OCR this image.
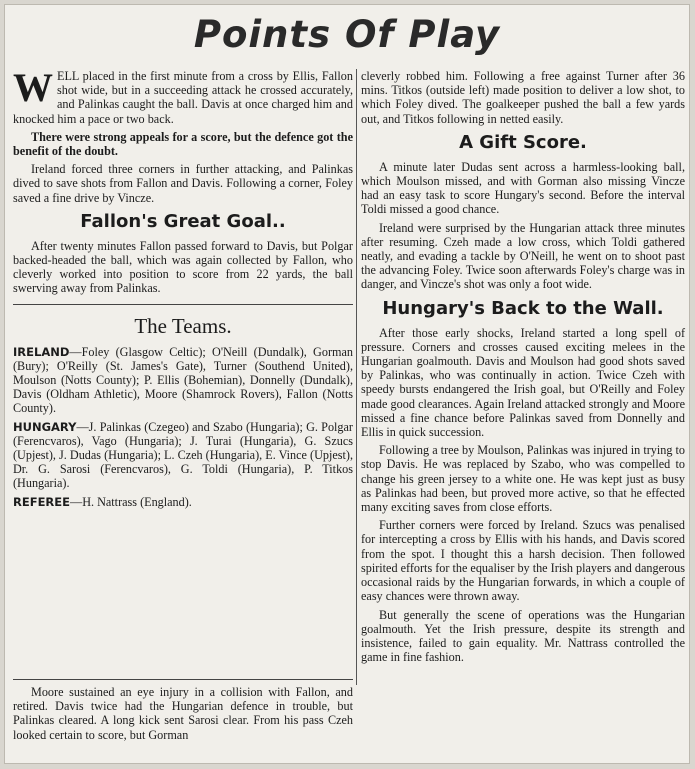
Points Of Play

WELL placed in the first minute from a cross by Ellis, Fallon shot wide, but in a succeeding attack he crossed accurately, and Palinkas caught the ball. Davis at once charged him and knocked him a pace or two back.

There were strong appeals for a score, but the defence got the benefit of the doubt.

Ireland forced three corners in further attacking, and Palinkas dived to save shots from Fallon and Davis. Following a corner, Foley saved a fine drive by Vincze.

Fallon's Great Goal..

After twenty minutes Fallon passed forward to Davis, but Polgar backed-headed the ball, which was again collected by Fallon, who cleverly worked into position to score from 22 yards, the ball swerving away from Palinkas.

The Teams.

IRELAND—Foley (Glasgow Celtic); O'Neill (Dundalk), Gorman (Bury); O'Reilly (St. James's Gate), Turner (Southend United), Moulson (Notts County); P. Ellis (Bohemian), Donnelly (Dundalk), Davis (Oldham Athletic), Moore (Shamrock Rovers), Fallon (Notts County).

HUNGARY—J. Palinkas (Czegeo) and Szabo (Hungaria); G. Polgar (Ferencvaros), Vago (Hungaria); J. Turai (Hungaria), G. Szucs (Upjest), J. Dudas (Hungaria); L. Czeh (Hungaria), E. Vince (Upjest), Dr. G. Sarosi (Ferencvaros), G. Toldi (Hungaria), P. Titkos (Hungaria).

REFEREE—H. Nattrass (England).

Moore sustained an eye injury in a collision with Fallon, and retired. Davis twice had the Hungarian defence in trouble, but Palinkas cleared. A long kick sent Sarosi clear. From his pass Czeh looked certain to score, but Gorman

cleverly robbed him. Following a free against Turner after 36 mins. Titkos (outside left) made position to deliver a low shot, to which Foley dived. The goalkeeper pushed the ball a few yards out, and Titkos following in netted easily.

A Gift Score.

A minute later Dudas sent across a harmless-looking ball, which Moulson missed, and with Gorman also missing Vincze had an easy task to score Hungary's second. Before the interval Toldi missed a good chance.

Ireland were surprised by the Hungarian attack three minutes after resuming. Czeh made a low cross, which Toldi gathered neatly, and evading a tackle by O'Neill, he went on to shoot past the advancing Foley. Twice soon afterwards Foley's charge was in danger, and Vincze's shot was only a foot wide.

Hungary's Back to the Wall.

After those early shocks, Ireland started a long spell of pressure. Corners and crosses caused exciting melees in the Hungarian goalmouth. Davis and Moulson had good shots saved by Palinkas, who was continually in action. Twice Czeh with speedy bursts endangered the Irish goal, but O'Reilly and Foley made good clearances. Again Ireland attacked strongly and Moore missed a fine chance before Palinkas saved from Donnelly and Ellis in quick succession.

Following a tree by Moulson, Palinkas was injured in trying to stop Davis. He was replaced by Szabo, who was compelled to change his green jersey to a white one. He was kept just as busy as Palinkas had been, but proved more active, so that he effected many exciting saves from close efforts.

Further corners were forced by Ireland. Szucs was penalised for intercepting a cross by Ellis with his hands, and Davis scored from the spot. I thought this a harsh decision. Then followed spirited efforts for the equaliser by the Irish players and dangerous occasional raids by the Hungarian forwards, in which a couple of easy chances were thrown away.

But generally the scene of operations was the Hungarian goalmouth. Yet the Irish pressure, despite its strength and insistence, failed to gain equality. Mr. Nattrass controlled the game in fine fashion.
